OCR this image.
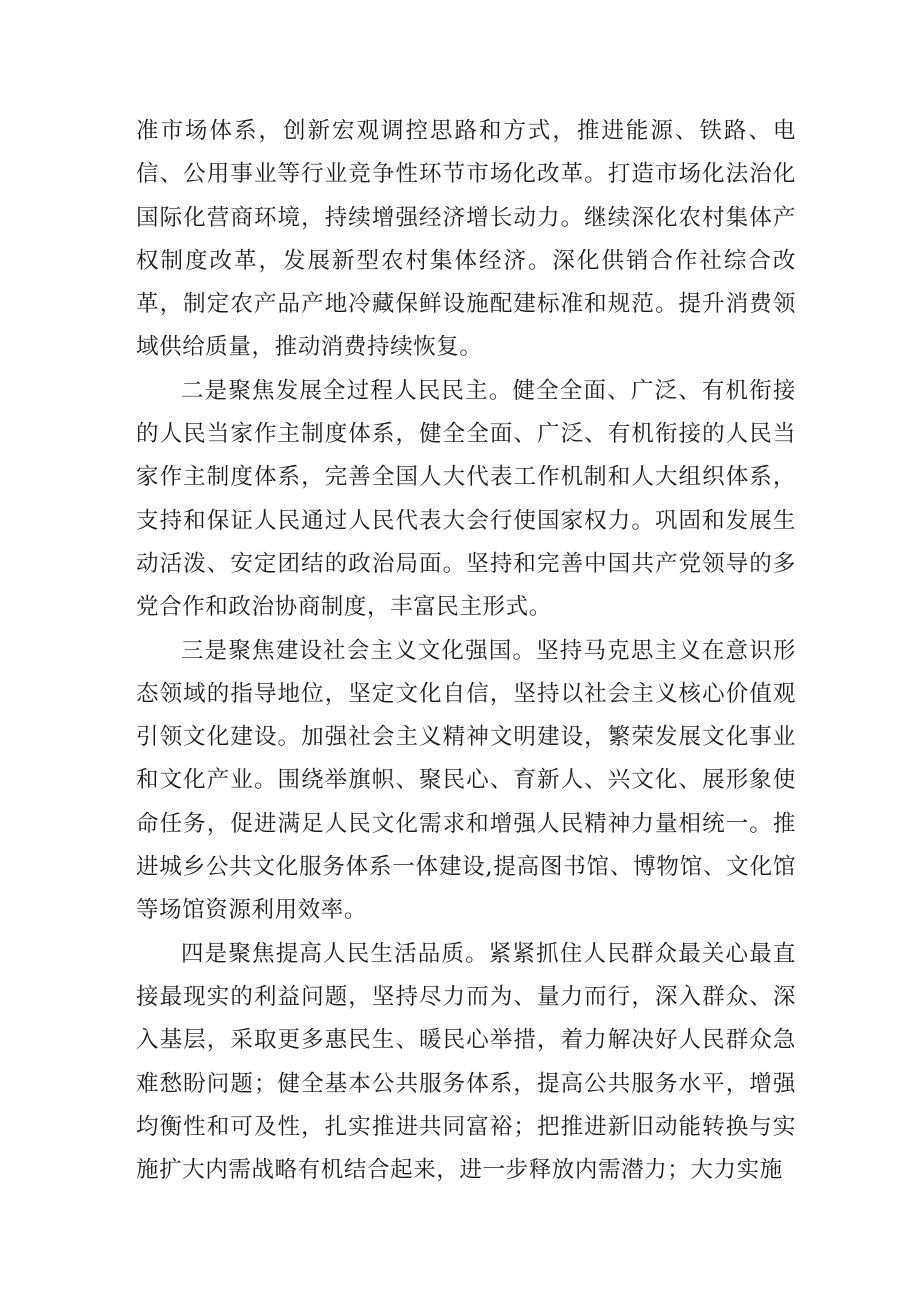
准市场体系，创新宏观调控思路和方式，推进能源、铁路、电信、公用事业等行业竞争性环节市场化改革。打造市场化法治化国际化营商环境，持续增强经济增长动力。继续深化农村集体产权制度改革，发展新型农村集体经济。深化供销合作社综合改革，制定农产品产地冷藏保鲜设施配建标准和规范。提升消费领域供给质量，推动消费持续恢复。

二是聚焦发展全过程人民民主。健全全面、广泛、有机衔接的人民当家作主制度体系，健全全面、广泛、有机衔接的人民当家作主制度体系，完善全国人大代表工作机制和人大组织体系，支持和保证人民通过人民代表大会行使国家权力。巩固和发展生动活泼、安定团结的政治局面。坚持和完善中国共产党领导的多党合作和政治协商制度，丰富民主形式。

三是聚焦建设社会主义文化强国。坚持马克思主义在意识形态领域的指导地位，坚定文化自信，坚持以社会主义核心价值观引领文化建设。加强社会主义精神文明建设，繁荣发展文化事业和文化产业。围绕举旗帜、聚民心、育新人、兴文化、展形象使命任务，促进满足人民文化需求和增强人民精神力量相统一。推进城乡公共文化服务体系一体建设,提高图书馆、博物馆、文化馆等场馆资源利用效率。

四是聚焦提高人民生活品质。紧紧抓住人民群众最关心最直接最现实的利益问题，坚持尽力而为、量力而行，深入群众、深入基层，采取更多惠民生、暖民心举措，着力解决好人民群众急难愁盼问题；健全基本公共服务体系，提高公共服务水平，增强均衡性和可及性，扎实推进共同富裕；把推进新旧动能转换与实施扩大内需战略有机结合起来，进一步释放内需潜力；大力实施
